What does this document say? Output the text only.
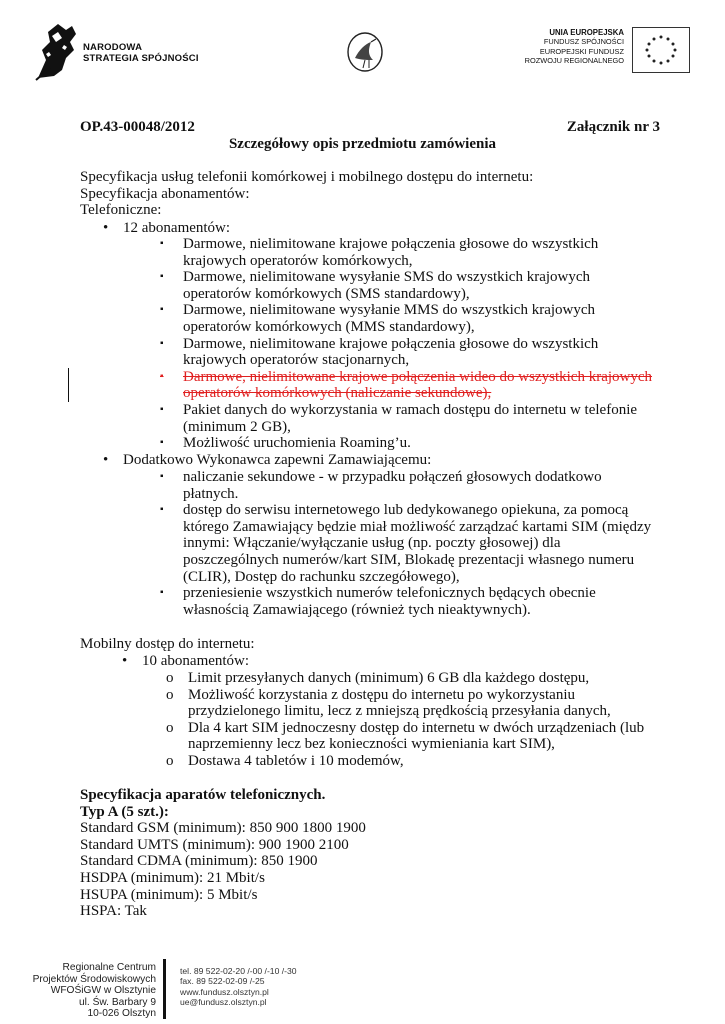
NARODOWA
STRATEGIA SPÓJNOŚCI
UNIA EUROPEJSKA
FUNDUSZ SPÓJNOŚCI
EUROPEJSKI FUNDUSZ
ROZWOJU REGIONALNEGO
OP.43-00048/2012	Załącznik nr 3
Szczegółowy opis przedmiotu zamówienia
Specyfikacja usług telefonii komórkowej i mobilnego dostępu do internetu:
Specyfikacja abonamentów:
Telefoniczne:
• 12 abonamentów:
▪ Darmowe, nielimitowane krajowe połączenia głosowe do wszystkich
krajowych operatorów komórkowych,
▪ Darmowe, nielimitowane wysyłanie SMS do wszystkich krajowych
operatorów komórkowych (SMS standardowy),
▪ Darmowe, nielimitowane wysyłanie MMS do wszystkich krajowych
operatorów komórkowych (MMS standardowy),
▪ Darmowe, nielimitowane krajowe połączenia głosowe do wszystkich
krajowych operatorów stacjonarnych,
▪ Darmowe, nielimitowane krajowe połączenia wideo do wszystkich krajowych
operatorów komórkowych (naliczanie sekundowe),
▪ Pakiet danych do wykorzystania w ramach dostępu do internetu w telefonie
(minimum 2 GB),
▪ Możliwość uruchomienia Roaming’u.
• Dodatkowo Wykonawca zapewni Zamawiającemu:
▪ naliczanie sekundowe - w przypadku połączeń głosowych dodatkowo
płatnych.
▪ dostęp do serwisu internetowego lub dedykowanego opiekuna, za pomocą
którego Zamawiający będzie miał możliwość zarządzać kartami SIM (między
innymi: Włączanie/wyłączanie usług (np. poczty głosowej) dla
poszczególnych numerów/kart SIM, Blokadę prezentacji własnego numeru
(CLIR), Dostęp do rachunku szczegółowego),
▪ przeniesienie wszystkich numerów telefonicznych będących obecnie
własnością Zamawiającego (również tych nieaktywnych).
Mobilny dostęp do internetu:
• 10 abonamentów:
o Limit przesyłanych danych (minimum) 6 GB dla każdego dostępu,
o Możliwość korzystania z dostępu do internetu po wykorzystaniu
przydzielonego limitu, lecz z mniejszą prędkością przesyłania danych,
o Dla 4 kart SIM jednoczesny dostęp do internetu w dwóch urządzeniach (lub
naprzemienny lecz bez konieczności wymieniania kart SIM),
o Dostawa 4 tabletów i 10 modemów,
Specyfikacja aparatów telefonicznych.
Typ A (5 szt.):
Standard GSM (minimum): 850 900 1800 1900
Standard UMTS (minimum): 900 1900 2100
Standard CDMA (minimum): 850 1900
HSDPA (minimum): 21 Mbit/s
HSUPA (minimum): 5 Mbit/s
HSPA: Tak
Regionalne Centrum
Projektów Środowiskowych
WFOŚiGW w Olsztynie
ul. Św. Barbary 9
10-026 Olsztyn
tel. 89 522-02-20 /-00 /-10 /-30
fax. 89 522-02-09 /-25
www.fundusz.olsztyn.pl
ue@fundusz.olsztyn.pl
